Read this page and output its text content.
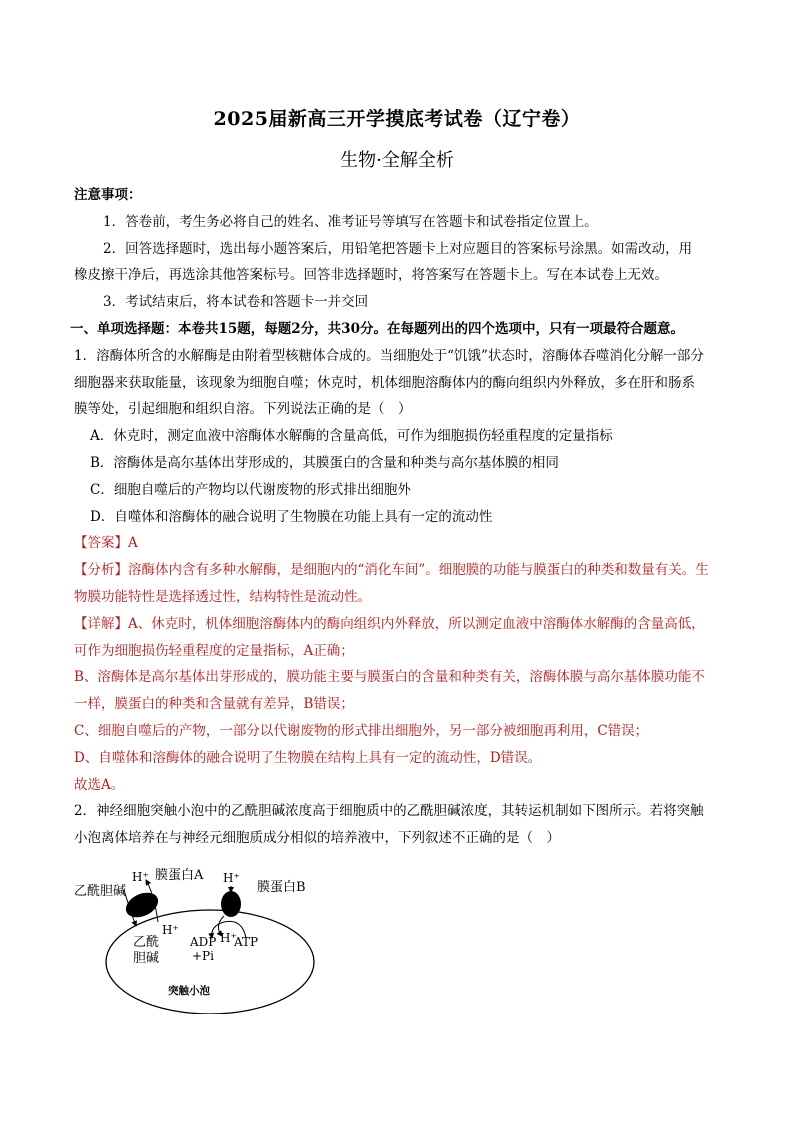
2025届新高三开学摸底考试卷（辽宁卷）
生物·全解全析
注意事项：
1．答卷前，考生务必将自己的姓名、准考证号等填写在答题卡和试卷指定位置上。
2．回答选择题时，选出每小题答案后，用铅笔把答题卡上对应题目的答案标号涂黑。如需改动，用
橡皮擦干净后，再选涂其他答案标号。回答非选择题时，将答案写在答题卡上。写在本试卷上无效。
3．考试结束后，将本试卷和答题卡一并交回
一、单项选择题：本卷共15题，每题2分，共30分。在每题列出的四个选项中，只有一项最符合题意。
1．溶酶体所含的水解酶是由附着型核糖体合成的。当细胞处于“饥饿”状态时，溶酶体吞噬消化分解一部分
细胞器来获取能量，该现象为细胞自噬；休克时，机体细胞溶酶体内的酶向组织内外释放，多在肝和肠系
膜等处，引起细胞和组织自溶。下列说法正确的是（　）
A．休克时，测定血液中溶酶体水解酶的含量高低，可作为细胞损伤轻重程度的定量指标
B．溶酶体是高尔基体出芽形成的，其膜蛋白的含量和种类与高尔基体膜的相同
C．细胞自噬后的产物均以代谢废物的形式排出细胞外
D．自噬体和溶酶体的融合说明了生物膜在功能上具有一定的流动性
【答案】A
【分析】溶酶体内含有多种水解酶，是细胞内的“消化车间”。细胞膜的功能与膜蛋白的种类和数量有关。生
物膜功能特性是选择透过性，结构特性是流动性。
【详解】A、休克时，机体细胞溶酶体内的酶向组织内外释放，所以测定血液中溶酶体水解酶的含量高低，
可作为细胞损伤轻重程度的定量指标，A正确；
B、溶酶体是高尔基体出芽形成的，膜功能主要与膜蛋白的含量和种类有关，溶酶体膜与高尔基体膜功能不
一样，膜蛋白的种类和含量就有差异，B错误；
C、细胞自噬后的产物，一部分以代谢废物的形式排出细胞外，另一部分被细胞再利用，C错误；
D、自噬体和溶酶体的融合说明了生物膜在结构上具有一定的流动性，D错误。
故选A。
2．神经细胞突触小泡中的乙酰胆碱浓度高于细胞质中的乙酰胆碱浓度，其转运机制如下图所示。若将突触
小泡离体培养在与神经元细胞质成分相似的培养液中，下列叙述不正确的是（　）
乙酰胆碱
H⁺ 膜蛋白A H⁺
膜蛋白B
H⁺
乙酰
胆碱
ADP
+Pi
H⁺
ATP
突触小泡
